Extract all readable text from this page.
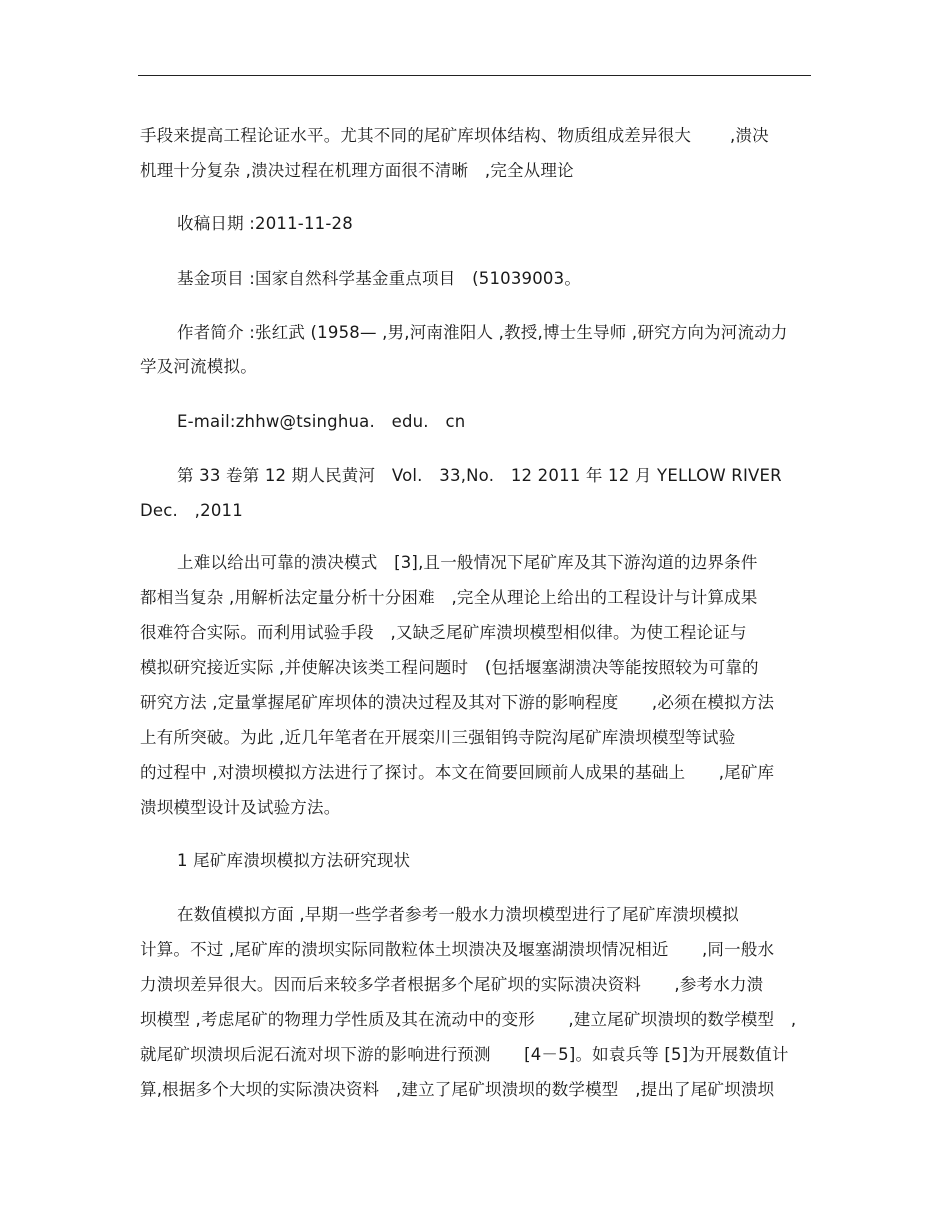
手段来提高工程论证水平。尤其不同的尾矿库坝体结构、物质组成差异很大　　 ,溃决
机理十分复杂 ,溃决过程在机理方面很不清晰　,完全从理论
收稿日期 :2011-11-28
基金项目 :国家自然科学基金重点项目　(51039003。
作者简介 :张红武 (1958— ,男,河南淮阳人 ,教授,博士生导师 ,研究方向为河流动力
学及河流模拟。
E-mail:zhhw@tsinghua.　edu.　cn
第 33 卷第 12 期人民黄河　Vol.　33,No.　12 2011 年 12 月 YELLOW RIVER
Dec.　,2011
上难以给出可靠的溃决模式　[3],且一般情况下尾矿库及其下游沟道的边界条件
都相当复杂 ,用解析法定量分析十分困难　,完全从理论上给出的工程设计与计算成果
很难符合实际。而利用试验手段　,又缺乏尾矿库溃坝模型相似律。为使工程论证与
模拟研究接近实际 ,并使解决该类工程问题时　(包括堰塞湖溃决等能按照较为可靠的
研究方法 ,定量掌握尾矿库坝体的溃决过程及其对下游的影响程度　　,必须在模拟方法
上有所突破。为此 ,近几年笔者在开展栾川三强钼钨寺院沟尾矿库溃坝模型等试验
的过程中 ,对溃坝模拟方法进行了探讨。本文在简要回顾前人成果的基础上　　,尾矿库
溃坝模型设计及试验方法。
1 尾矿库溃坝模拟方法研究现状
在数值模拟方面 ,早期一些学者参考一般水力溃坝模型进行了尾矿库溃坝模拟
计算。不过 ,尾矿库的溃坝实际同散粒体土坝溃决及堰塞湖溃坝情况相近　　,同一般水
力溃坝差异很大。因而后来较多学者根据多个尾矿坝的实际溃决资料　　,参考水力溃
坝模型 ,考虑尾矿的物理力学性质及其在流动中的变形　　,建立尾矿坝溃坝的数学模型　,
就尾矿坝溃坝后泥石流对坝下游的影响进行预测　　[4－5]。如袁兵等 [5]为开展数值计
算,根据多个大坝的实际溃决资料　,建立了尾矿坝溃坝的数学模型　,提出了尾矿坝溃坝
